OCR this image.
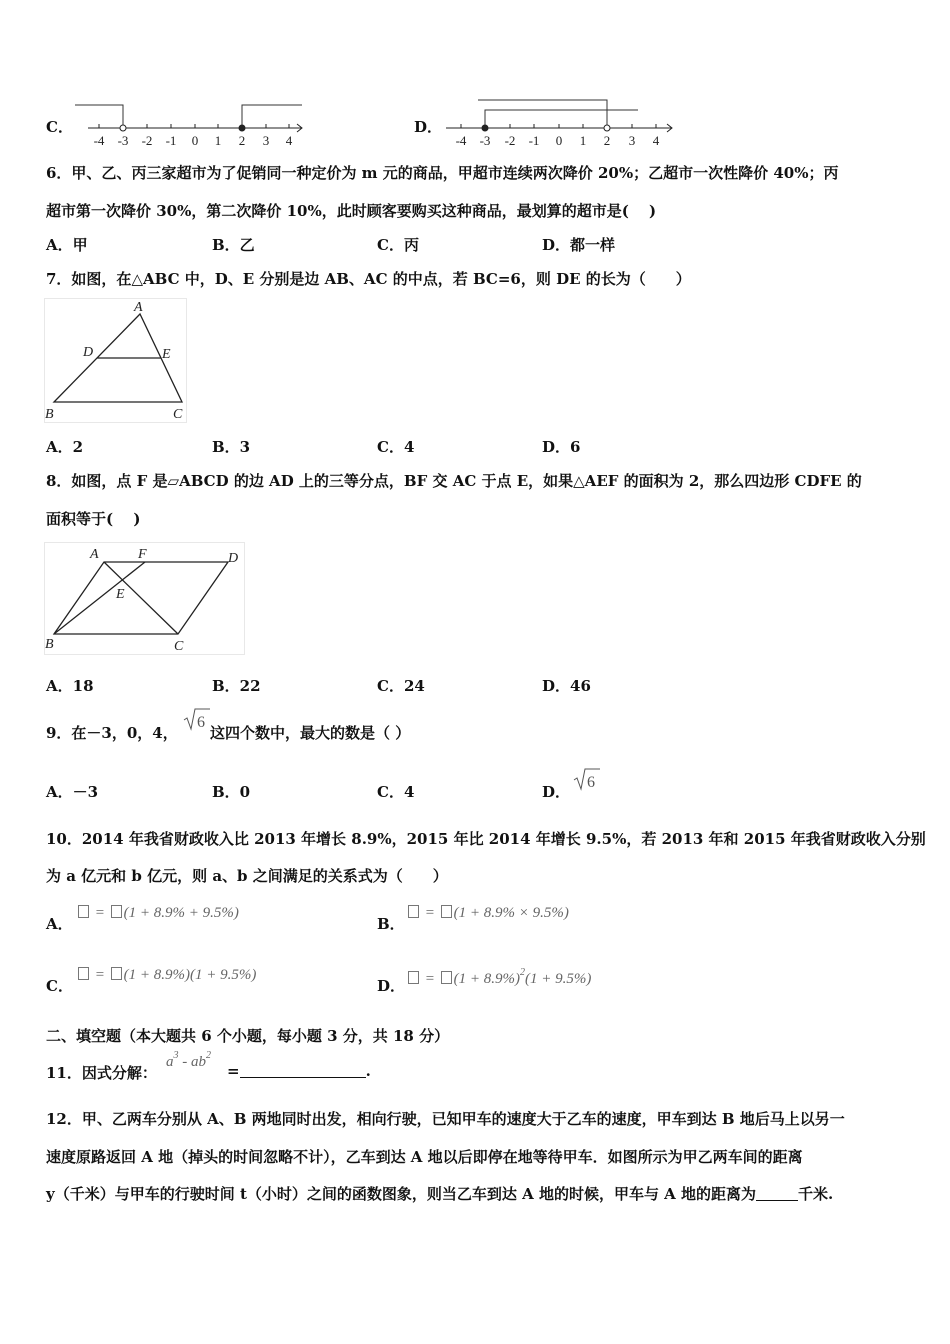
C．
-4 -3 -2 -1 0 1 2 3 4
D．
-4 -3 -2 -1 0 1 2 3 4
6．甲、乙、丙三家超市为了促销同一种定价为 m 元的商品，甲超市连续两次降价 20%；乙超市一次性降价 40%；丙
超市第一次降价 30%，第二次降价 10%，此时顾客要购买这种商品，最划算的超市是(　 )
A．甲	B．乙	C．丙	D．都一样
7．如图，在△ABC 中，D、E 分别是边 AB、AC 的中点，若 BC=6，则 DE 的长为（　　）
A
D	E
B	C
A．2	B．3	C．4	D．6
8．如图，点 F 是▱ABCD 的边 AD 上的三等分点，BF 交 AC 于点 E，如果△AEF 的面积为 2，那么四边形 CDFE 的
面积等于(　 )
A	F	D
E
B	C
A．18	B．22	C．24	D．46
9．在－3，0，4，
6
这四个数中，最大的数是（ ）
A．－3	B．0	C．4	D．
6
10．2014 年我省财政收入比 2013 年增长 8.9%，2015 年比 2014 年增长 9.5%，若 2013 年和 2015 年我省财政收入分别
为 a 亿元和 b 亿元，则 a、b 之间满足的关系式为（　　）
A．
= (1 + 8.9% + 9.5%)
B．
= (1 + 8.9% × 9.5%)
C．
= (1 + 8.9%)(1 + 9.5%)
D．	= $(1 + 8.9\%)^2(1 + 9.5\%)$
二、填空题（本大题共 6 个小题，每小题 3 分，共 18 分）
11．因式分解：
$a^3 - ab^2$
=	.
12．甲、乙两车分别从 A、B 两地同时出发，相向行驶，已知甲车的速度大于乙车的速度，甲车到达 B 地后马上以另一
速度原路返回 A 地（掉头的时间忽略不计），乙车到达 A 地以后即停在地等待甲车．如图所示为甲乙两车间的距离
y（千米）与甲车的行驶时间 t（小时）之间的函数图象，则当乙车到达 A 地的时候，甲车与 A 地的距离为	千米.
